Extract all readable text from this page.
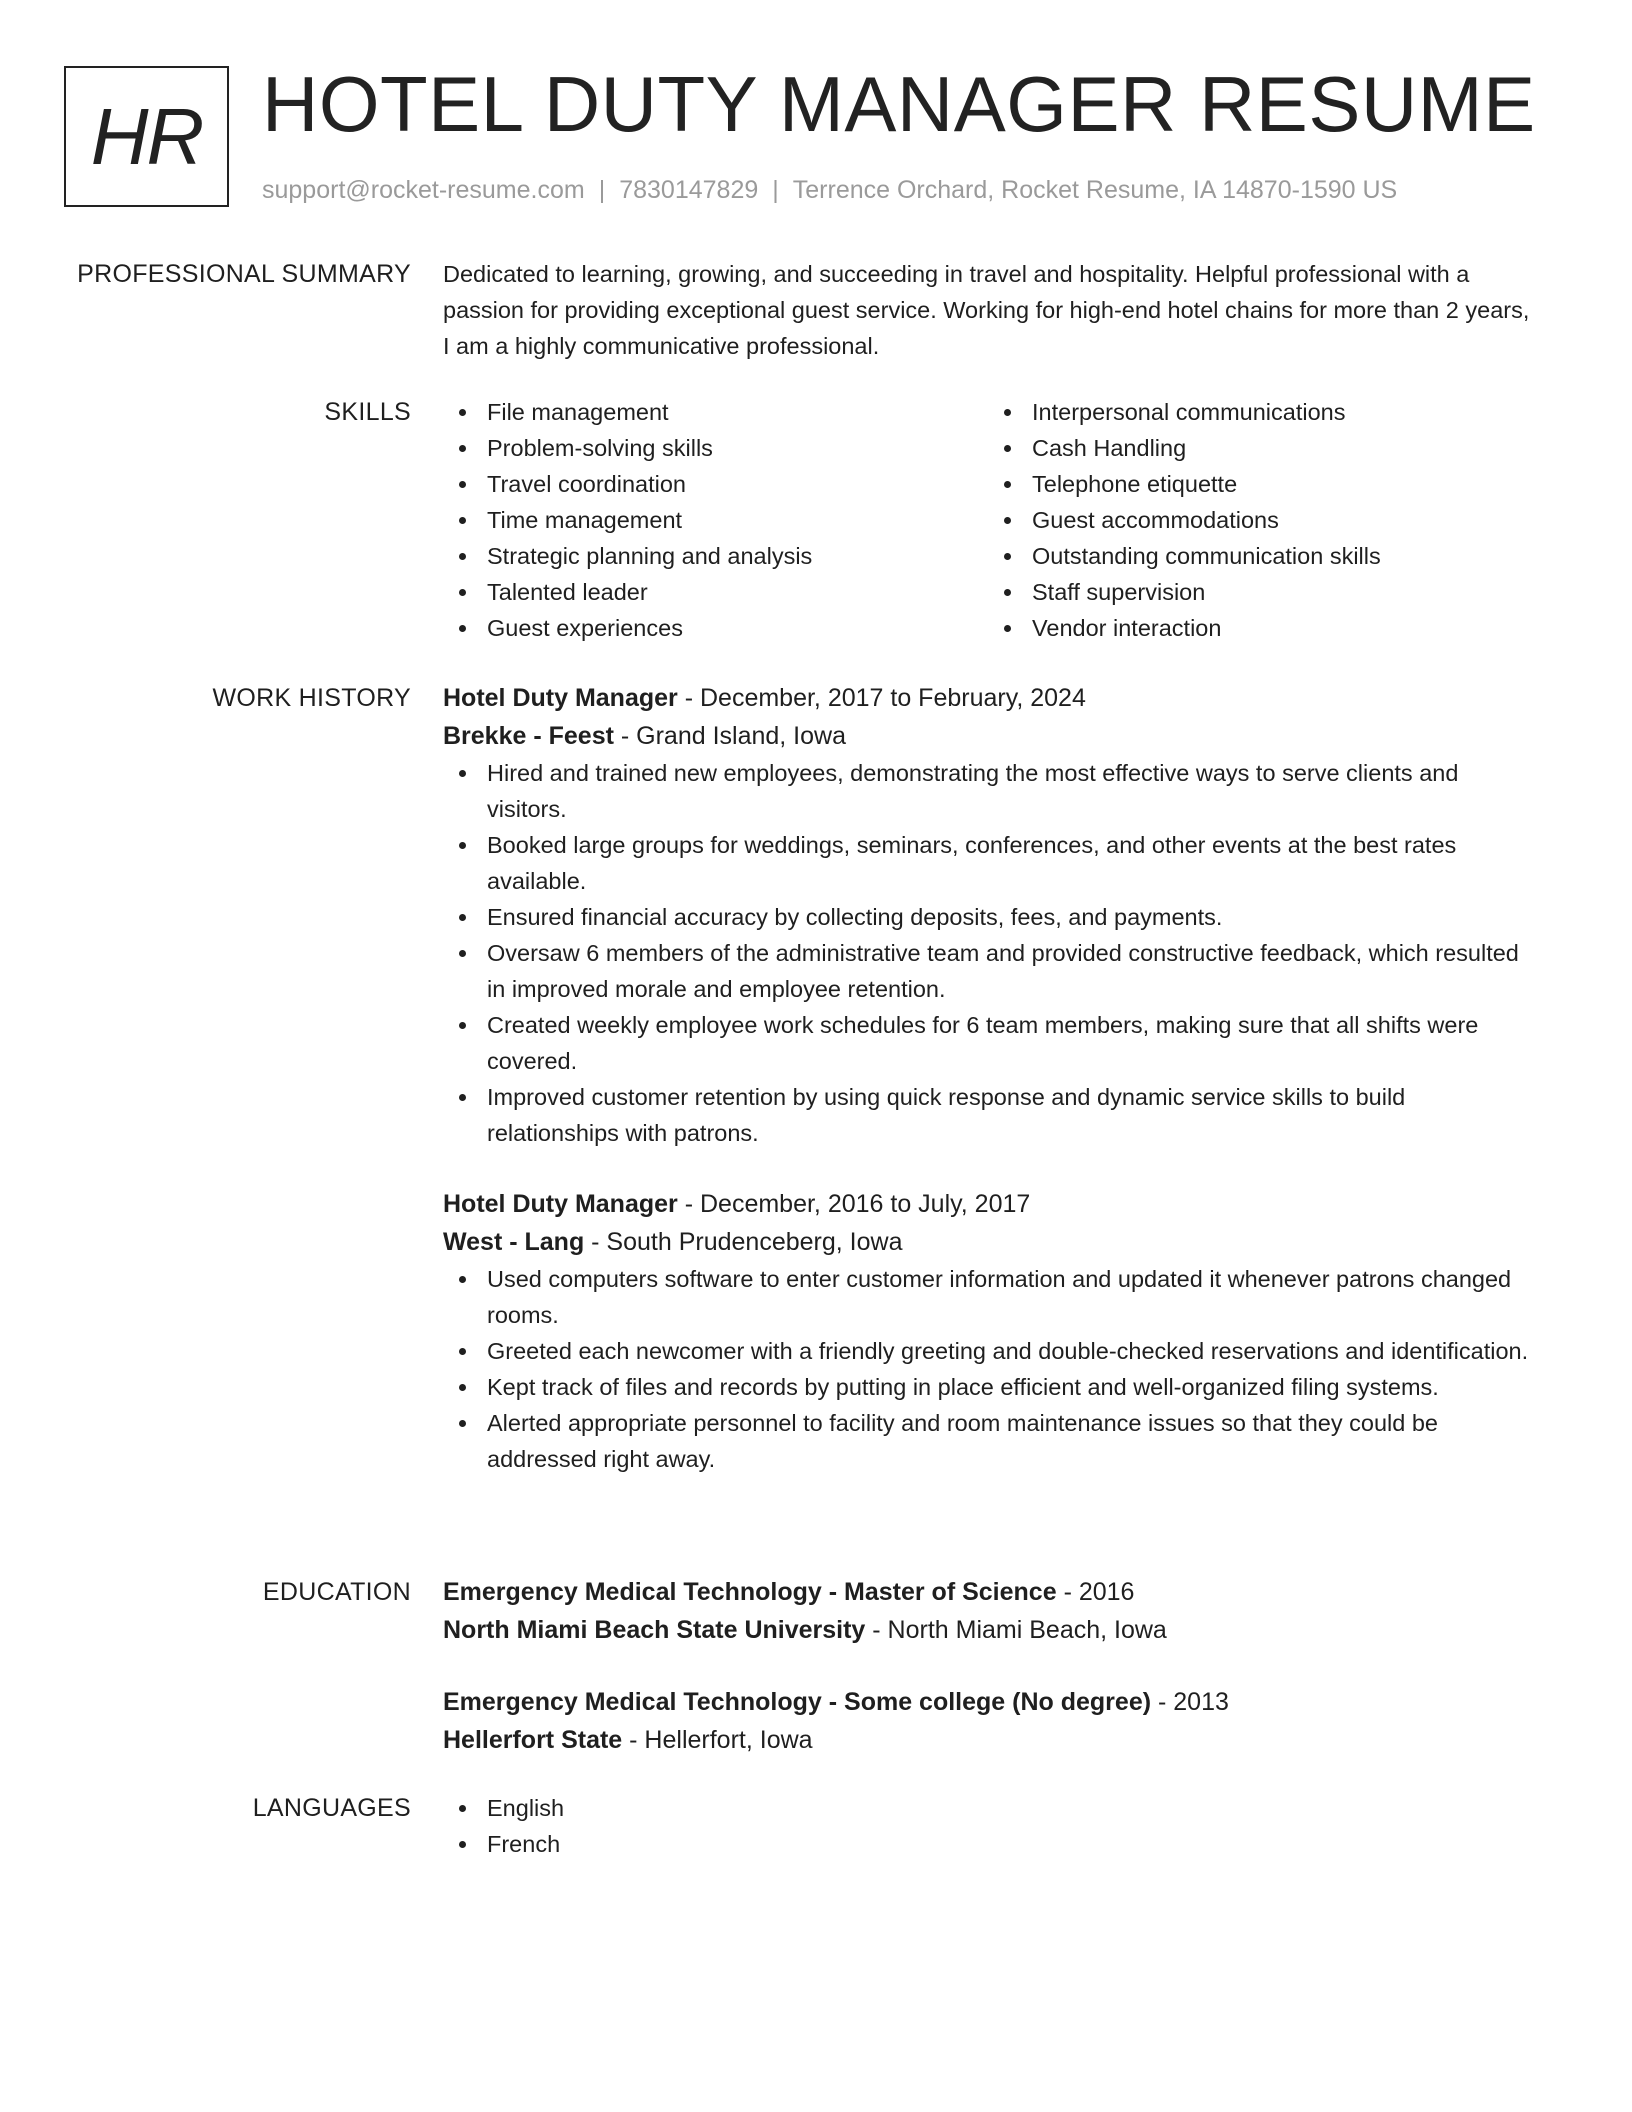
HR HOTEL DUTY MANAGER RESUME
support@rocket-resume.com | 7830147829 | Terrence Orchard, Rocket Resume, IA 14870-1590 US
PROFESSIONAL SUMMARY Dedicated to learning, growing, and succeeding in travel and hospitality. Helpful professional with a passion for providing exceptional guest service. Working for high-end hotel chains for more than 2 years, I am a highly communicative professional.

SKILLS	File management
Problem-solving skills
Travel coordination
Time management
Strategic planning and analysis
Talented leader
Guest experiences
Interpersonal communications
Cash Handling
Telephone etiquette
Guest accommodations
Outstanding communication skills
Staff supervision
Vendor interaction
WORK HISTORY Hotel Duty Manager - December, 2017 to February, 2024
Brekke - Feest - Grand Island, Iowa
Hired and trained new employees, demonstrating the most effective ways to serve clients and visitors.
Booked large groups for weddings, seminars, conferences, and other events at the best rates available.
Ensured financial accuracy by collecting deposits, fees, and payments.
Oversaw 6 members of the administrative team and provided constructive feedback, which resulted in improved morale and employee retention.
Created weekly employee work schedules for 6 team members, making sure that all shifts were covered.
Improved customer retention by using quick response and dynamic service skills to build relationships with patrons.
Hotel Duty Manager - December, 2016 to July, 2017
West - Lang - South Prudenceberg, Iowa
Used computers software to enter customer information and updated it whenever patrons changed rooms.
Greeted each newcomer with a friendly greeting and double-checked reservations and identification.
Kept track of files and records by putting in place efficient and well-organized filing systems.
Alerted appropriate personnel to facility and room maintenance issues so that they could be addressed right away.
EDUCATION Emergency Medical Technology - Master of Science - 2016
North Miami Beach State University - North Miami Beach, Iowa
Emergency Medical Technology - Some college (No degree) - 2013
Hellerfort State - Hellerfort, Iowa
LANGUAGES	English
French
